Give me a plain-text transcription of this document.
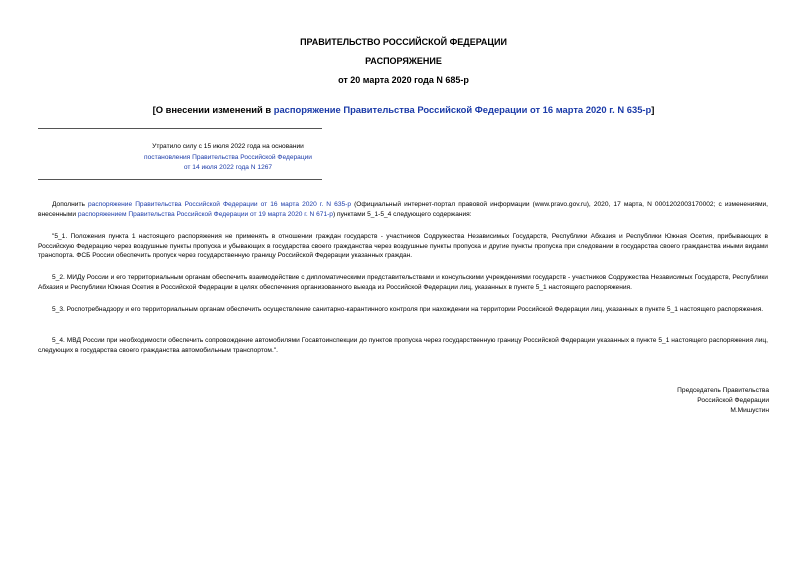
ПРАВИТЕЛЬСТВО РОССИЙСКОЙ ФЕДЕРАЦИИ
РАСПОРЯЖЕНИЕ
от 20 марта 2020 года N 685-р
[О внесении изменений в распоряжение Правительства Российской Федерации от 16 марта 2020 г. N 635-р]
Утратило силу с 15 июля 2022 года на основании
постановления Правительства Российской Федерации
от 14 июля 2022 года N 1267
Дополнить распоряжение Правительства Российской Федерации от 16 марта 2020 г. N 635-р (Официальный интернет-портал правовой информации (www.pravo.gov.ru), 2020, 17 марта, N 0001202003170002; с изменениями, внесенными распоряжением Правительства Российской Федерации от 19 марта 2020 г. N 671-р) пунктами 5_1-5_4 следующего содержания:
"5_1. Положения пункта 1 настоящего распоряжения не применять в отношении граждан государств - участников Содружества Независимых Государств, Республики Абхазия и Республики Южная Осетия, прибывающих в Российскую Федерацию через воздушные пункты пропуска и убывающих в государства своего гражданства через воздушные пункты пропуска и другие пункты пропуска при следовании в государства своего гражданства иными видами транспорта. ФСБ России обеспечить пропуск через государственную границу Российской Федерации указанных граждан.
5_2. МИДу России и его территориальным органам обеспечить взаимодействие с дипломатическими представительствами и консульскими учреждениями государств - участников Содружества Независимых Государств, Республики Абхазия и Республики Южная Осетия в Российской Федерации в целях обеспечения организованного выезда из Российской Федерации лиц, указанных в пункте 5_1 настоящего распоряжения.
5_3. Роспотребнадзору и его территориальным органам обеспечить осуществление санитарно-карантинного контроля при нахождении на территории Российской Федерации лиц, указанных в пункте 5_1 настоящего распоряжения.
5_4. МВД России при необходимости обеспечить сопровождение автомобилями Госавтоинспекции до пунктов пропуска через государственную границу Российской Федерации указанных в пункте 5_1 настоящего распоряжения лиц, следующих в государства своего гражданства автомобильным транспортом.".
Председатель Правительства
Российской Федерации
М.Мишустин
